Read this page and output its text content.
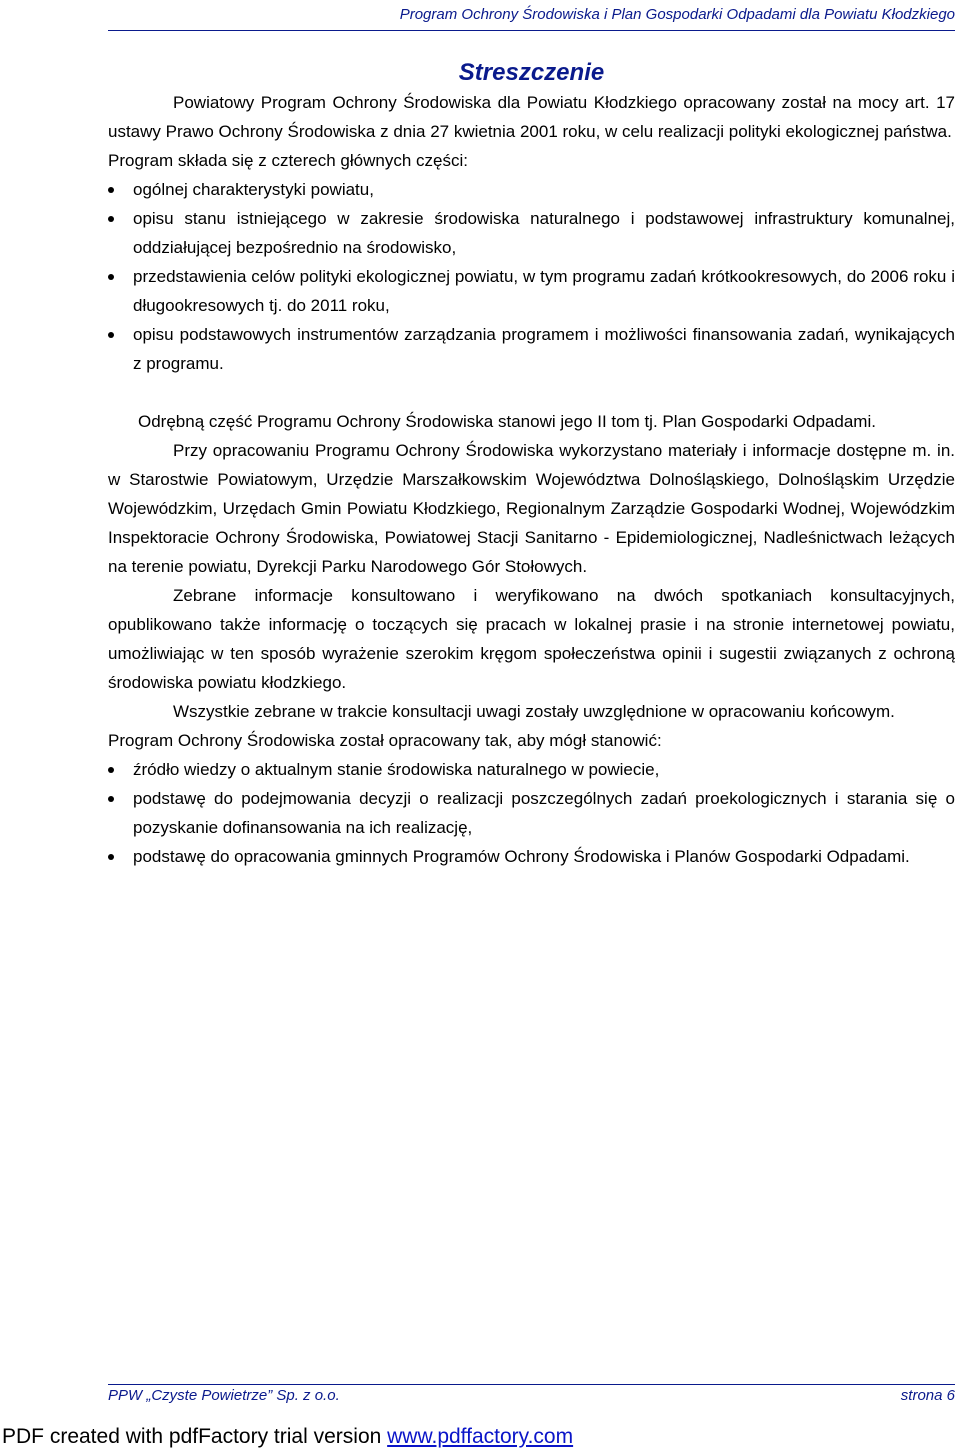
Program Ochrony Środowiska i Plan Gospodarki Odpadami dla Powiatu Kłodzkiego
Streszczenie

Powiatowy Program Ochrony Środowiska dla Powiatu Kłodzkiego opracowany został na mocy art. 17 ustawy Prawo Ochrony Środowiska z dnia 27 kwietnia 2001 roku, w celu realizacji polityki ekologicznej państwa.

Program składa się z czterech głównych części:

ogólnej charakterystyki powiatu,
opisu stanu istniejącego w zakresie środowiska naturalnego i podstawowej infrastruktury komunalnej, oddziałującej bezpośrednio na środowisko,
przedstawienia celów polityki ekologicznej powiatu, w tym programu zadań krótkookresowych, do 2006 roku i długookresowych tj. do 2011 roku,
opisu podstawowych instrumentów zarządzania programem i możliwości finansowania zadań, wynikających z programu.

Odrębną część Programu Ochrony Środowiska stanowi jego II tom tj. Plan Gospodarki Odpadami.

Przy opracowaniu Programu Ochrony Środowiska wykorzystano materiały i informacje dostępne m. in. w Starostwie Powiatowym, Urzędzie Marszałkowskim Województwa Dolnośląskiego, Dolnośląskim Urzędzie Wojewódzkim, Urzędach Gmin Powiatu Kłodzkiego, Regionalnym Zarządzie Gospodarki Wodnej, Wojewódzkim Inspektoracie Ochrony Środowiska, Powiatowej Stacji Sanitarno - Epidemiologicznej, Nadleśnictwach leżących na terenie powiatu, Dyrekcji Parku Narodowego Gór Stołowych.

Zebrane informacje konsultowano i weryfikowano na dwóch spotkaniach konsultacyjnych, opublikowano także informację o toczących się pracach w lokalnej prasie i na stronie internetowej powiatu, umożliwiając w ten sposób wyrażenie szerokim kręgom społeczeństwa opinii i sugestii związanych z ochroną środowiska powiatu kłodzkiego.

Wszystkie zebrane w trakcie konsultacji uwagi zostały uwzględnione w opracowaniu końcowym.

Program Ochrony Środowiska został opracowany tak, aby mógł stanowić:

źródło wiedzy o aktualnym stanie środowiska naturalnego w powiecie,
podstawę do podejmowania decyzji o realizacji poszczególnych zadań proekologicznych i starania się o pozyskanie dofinansowania na ich realizację,
podstawę do opracowania gminnych Programów Ochrony Środowiska i Planów Gospodarki Odpadami.
PPW „Czyste Powietrze” Sp. z o.o.	strona 6
PDF created with pdfFactory trial version www.pdffactory.com
